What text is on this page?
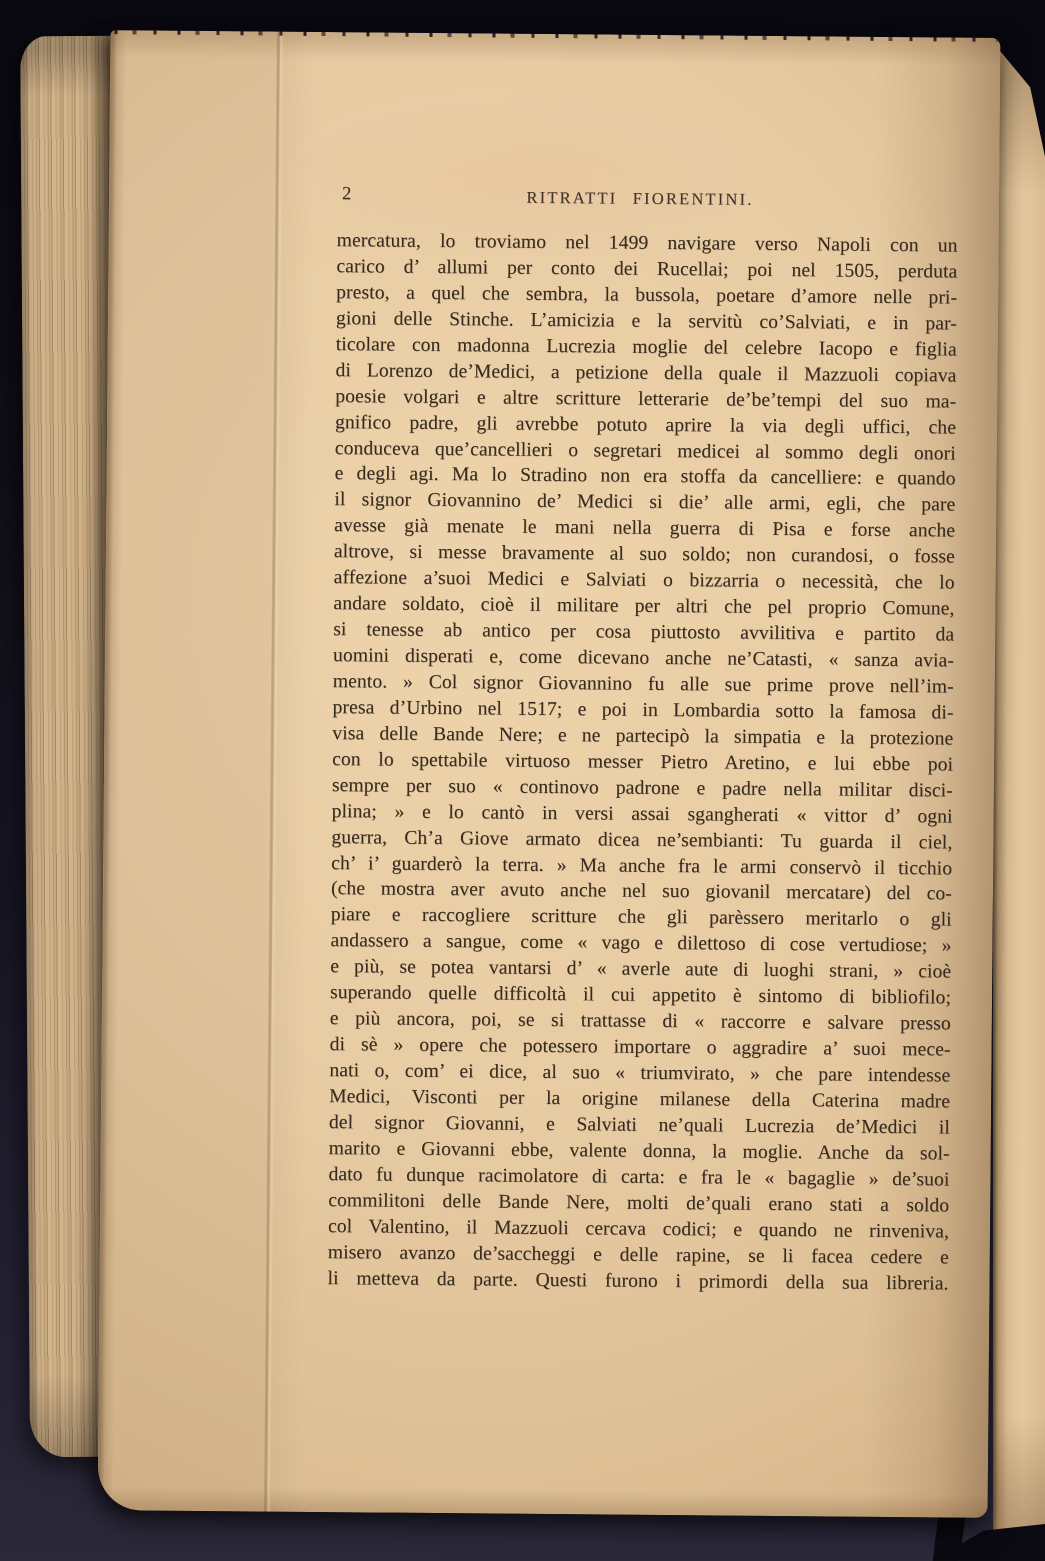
2	RITRATTI FIORENTINI.
mercatura, lo troviamo nel 1499 navigare verso Napoli con un
carico d’ allumi per conto dei Rucellai; poi nel 1505, perduta
presto, a quel che sembra, la bussola, poetare d’amore nelle pri-
gioni delle Stinche. L’amicizia e la servitù co’Salviati, e in par-
ticolare con madonna Lucrezia moglie del celebre Iacopo e figlia
di Lorenzo de’Medici, a petizione della quale il Mazzuoli copiava
poesie volgari e altre scritture letterarie de’be’tempi del suo ma-
gnifico padre, gli avrebbe potuto aprire la via degli uffici, che
conduceva que’cancellieri o segretari medicei al sommo degli onori
e degli agi. Ma lo Stradino non era stoffa da cancelliere: e quando
il signor Giovannino de’ Medici si die’ alle armi, egli, che pare
avesse già menate le mani nella guerra di Pisa e forse anche
altrove, si messe bravamente al suo soldo; non curandosi, o fosse
affezione a’suoi Medici e Salviati o bizzarria o necessità, che lo
andare soldato, cioè il militare per altri che pel proprio Comune,
si tenesse ab antico per cosa piuttosto avvilitiva e partito da
uomini disperati e, come dicevano anche ne’Catasti, « sanza avia-
mento. » Col signor Giovannino fu alle sue prime prove nell’im-
presa d’Urbino nel 1517; e poi in Lombardia sotto la famosa di-
visa delle Bande Nere; e ne partecipò la simpatia e la protezione
con lo spettabile virtuoso messer Pietro Aretino, e lui ebbe poi
sempre per suo « continovo padrone e padre nella militar disci-
plina; » e lo cantò in versi assai sgangherati « vittor d’ ogni
guerra, Ch’a Giove armato dicea ne’sembianti: Tu guarda il ciel,
ch’ i’ guarderò la terra. » Ma anche fra le armi conservò il ticchio
(che mostra aver avuto anche nel suo giovanil mercatare) del co-
piare e raccogliere scritture che gli parèssero meritarlo o gli
andassero a sangue, come « vago e dilettoso di cose vertudiose; »
e più, se potea vantarsi d’ « averle aute di luoghi strani, » cioè
superando quelle difficoltà il cui appetito è sintomo di bibliofilo;
e più ancora, poi, se si trattasse di « raccorre e salvare presso
di sè » opere che potessero importare o aggradire a’ suoi mece-
nati o, com’ ei dice, al suo « triumvirato, » che pare intendesse
Medici, Visconti per la origine milanese della Caterina madre
del signor Giovanni, e Salviati ne’quali Lucrezia de’Medici il
marito e Giovanni ebbe, valente donna, la moglie. Anche da sol-
dato fu dunque racimolatore di carta: e fra le « bagaglie » de’suoi
commilitoni delle Bande Nere, molti de’quali erano stati a soldo
col Valentino, il Mazzuoli cercava codici; e quando ne rinveniva,
misero avanzo de’saccheggi e delle rapine, se li facea cedere e
li metteva da parte. Questi furono i primordi della sua libreria.
